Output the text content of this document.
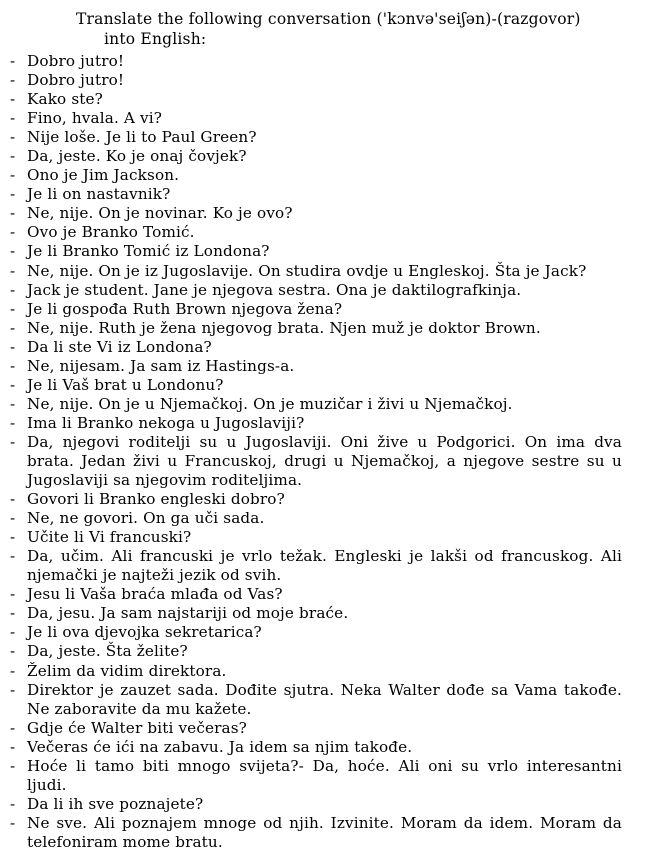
Translate the following conversation ('kɔnvə'seiʃən)-(razgovor)
into English:
- Dobro jutro!
- Dobro jutro!
- Kako ste?
- Fino, hvala. A vi?
- Nije loše. Je li to Paul Green?
- Da, jeste. Ko je onaj čovjek?
- Ono je Jim Jackson.
- Je li on nastavnik?
- Ne, nije. On je novinar. Ko je ovo?
- Ovo je Branko Tomić.
- Je li Branko Tomić iz Londona?
- Ne, nije. On je iz Jugoslavije. On studira ovdje u Engleskoj. Šta je Jack?
- Jack je student. Jane je njegova sestra. Ona je daktilografkinja.
- Je li gospođa Ruth Brown njegova žena?
- Ne, nije. Ruth je žena njegovog brata. Njen muž je doktor Brown.
- Da li ste Vi iz Londona?
- Ne, nijesam. Ja sam iz Hastings-a.
- Je li Vaš brat u Londonu?
- Ne, nije. On je u Njemačkoj. On je muzičar i živi u Njemačkoj.
- Ima li Branko nekoga u Jugoslaviji?
- Da, njegovi roditelji su u Jugoslaviji. Oni žive u Podgorici. On ima dva brata. Jedan živi u Francuskoj, drugi u Njemačkoj, a njegove sestre su u Jugoslaviji sa njegovim roditeljima.
- Govori li Branko engleski dobro?
- Ne, ne govori. On ga uči sada.
- Učite li Vi francuski?
- Da, učim. Ali francuski je vrlo težak. Engleski je lakši od francuskog. Ali njemački je najteži jezik od svih.
- Jesu li Vaša braća mlađa od Vas?
- Da, jesu. Ja sam najstariji od moje braće.
- Je li ova djevojka sekretarica?
- Da, jeste. Šta želite?
- Želim da vidim direktora.
- Direktor je zauzet sada. Dođite sjutra. Neka Walter dođe sa Vama takođe. Ne zaboravite da mu kažete.
- Gdje će Walter biti večeras?
- Večeras će ići na zabavu. Ja idem sa njim takođe.
- Hoće li tamo biti mnogo svijeta?- Da, hoće. Ali oni su vrlo interesantni ljudi.
- Da li ih sve poznajete?
- Ne sve. Ali poznajem mnoge od njih. Izvinite. Moram da idem. Moram da telefoniram mome bratu.
